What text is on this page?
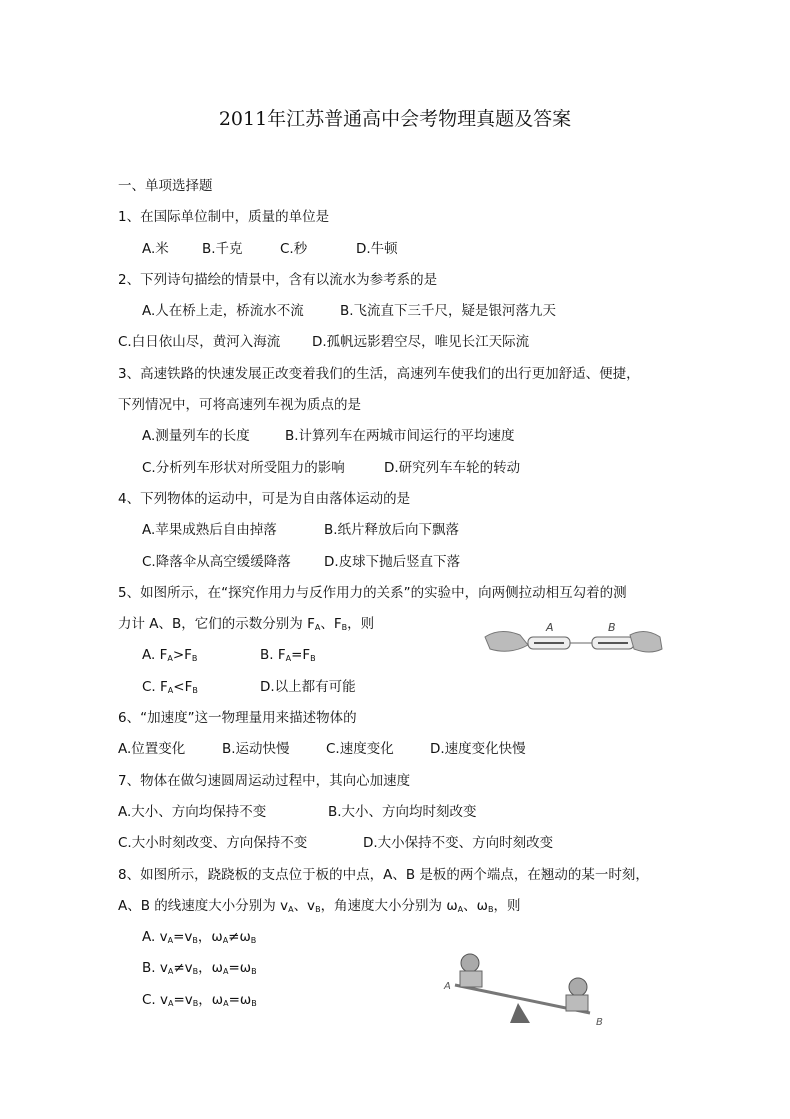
2011年江苏普通高中会考物理真题及答案
一、单项选择题
1、在国际单位制中，质量的单位是
A.米 B.千克	C.秒	D.牛顿
2、下列诗句描绘的情景中，含有以流水为参考系的是
A.人在桥上走，桥流水不流	B.飞流直下三千尺，疑是银河落九天
C.白日依山尽，黄河入海流 D.孤帆远影碧空尽，唯见长江天际流
3、高速铁路的快速发展正改变着我们的生活，高速列车使我们的出行更加舒适、便捷，
下列情况中，可将高速列车视为质点的是
A.测量列车的长度	B.计算列车在两城市间运行的平均速度
C.分析列车形状对所受阻力的影响	D.研究列车车轮的转动
4、下列物体的运动中，可是为自由落体运动的是
A.苹果成熟后自由掉落	B.纸片释放后向下飘落
C.降落伞从高空缓缓降落 D.皮球下抛后竖直下落
5、如图所示，在“探究作用力与反作用力的关系”的实验中，向两侧拉动相互勾着的测
力计 A、B，它们的示数分别为 $F_A$、$F_B$，则
A. $F_A>F_B$	B. $F_A=F_B$
C. $F_A<F_B$	D.以上都有可能
6、“加速度”这一物理量用来描述物体的
A.位置变化	B.运动快慢	C.速度变化	D.速度变化快慢
7、物体在做匀速圆周运动过程中，其向心加速度
A.大小、方向均保持不变	B.大小、方向均时刻改变
C.大小时刻改变、方向保持不变	D.大小保持不变、方向时刻改变
8、如图所示，跷跷板的支点位于板的中点，A、B 是板的两个端点，在翘动的某一时刻，
A、B 的线速度大小分别为 $v_A$、$v_B$，角速度大小分别为 $\omega_A$、$\omega_B$，则
A. $v_A=v_B$，$\omega_A\ne\omega_B$
B. $v_A\ne v_B$，$\omega_A=\omega_B$
C. $v_A=v_B$，$\omega_A=\omega_B$
A	B
A
B
